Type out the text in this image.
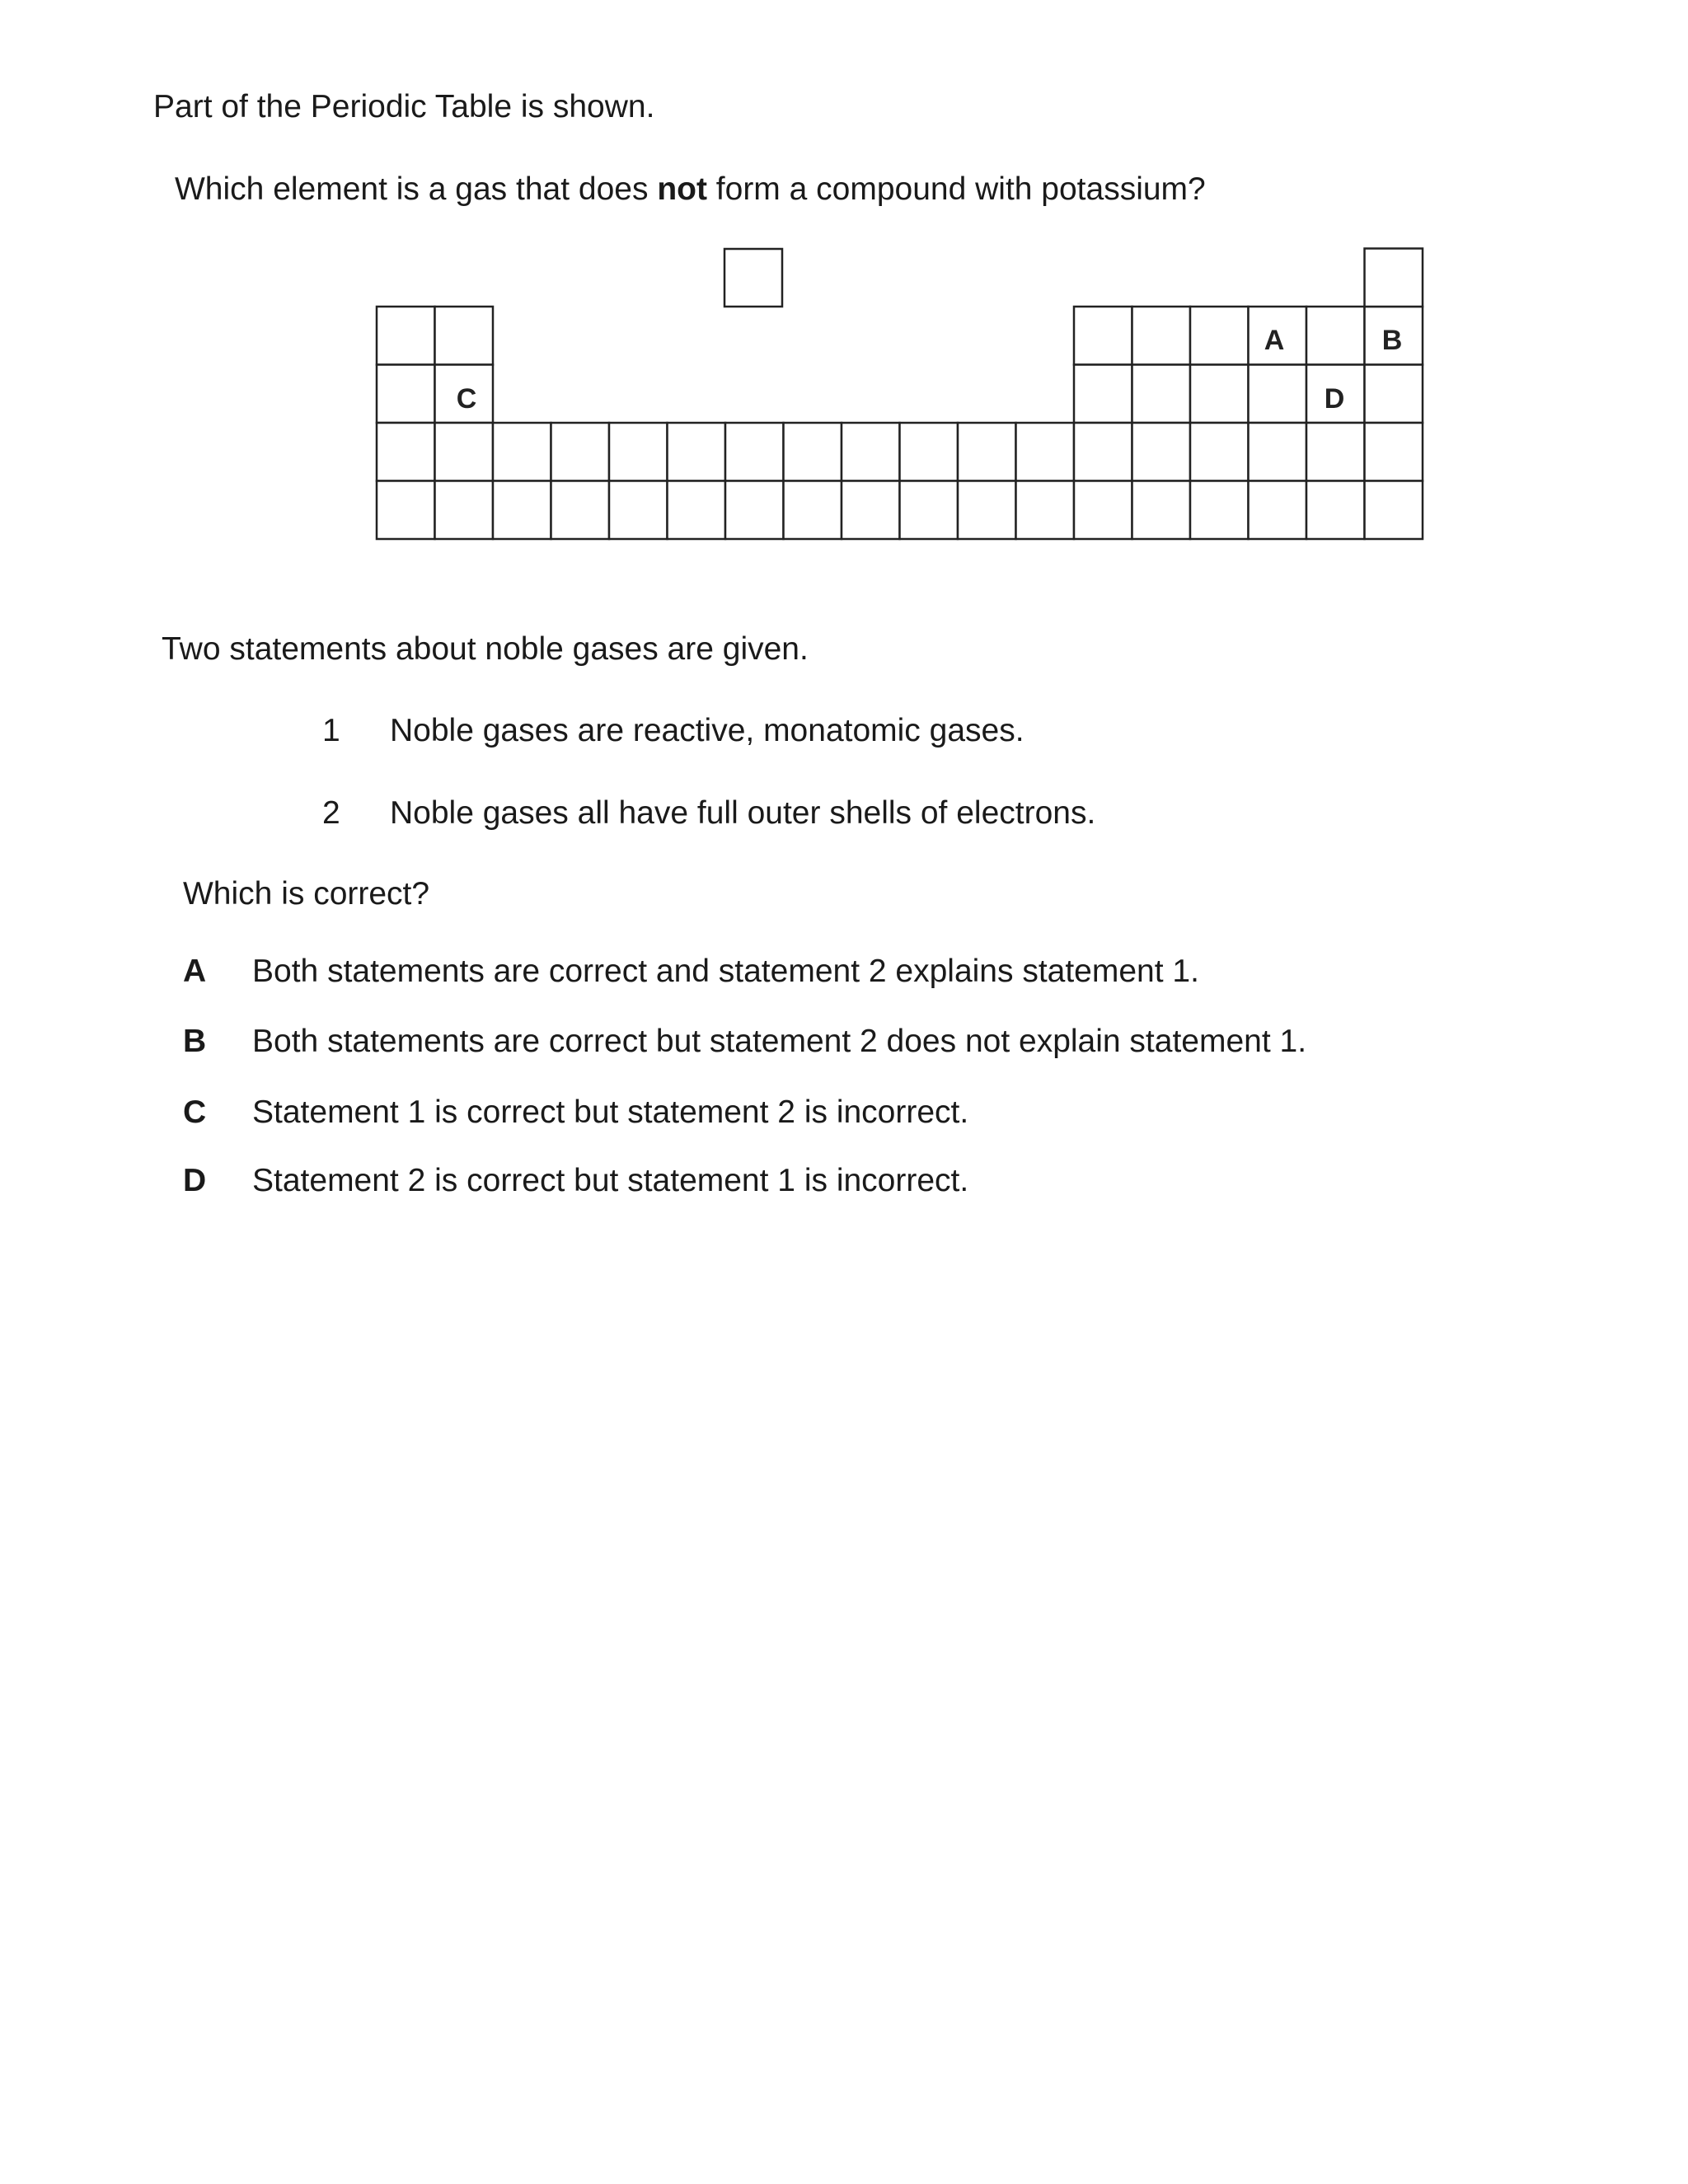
Part of the Periodic Table is shown.
Which element is a gas that does not form a compound with potassium?
A	B
C	D
Two statements about noble gases are given.
1 Noble gases are reactive, monatomic gases.
2 Noble gases all have full outer shells of electrons.
Which is correct?
A Both statements are correct and statement 2 explains statement 1.
B Both statements are correct but statement 2 does not explain statement 1.
C Statement 1 is correct but statement 2 is incorrect.
D Statement 2 is correct but statement 1 is incorrect.
